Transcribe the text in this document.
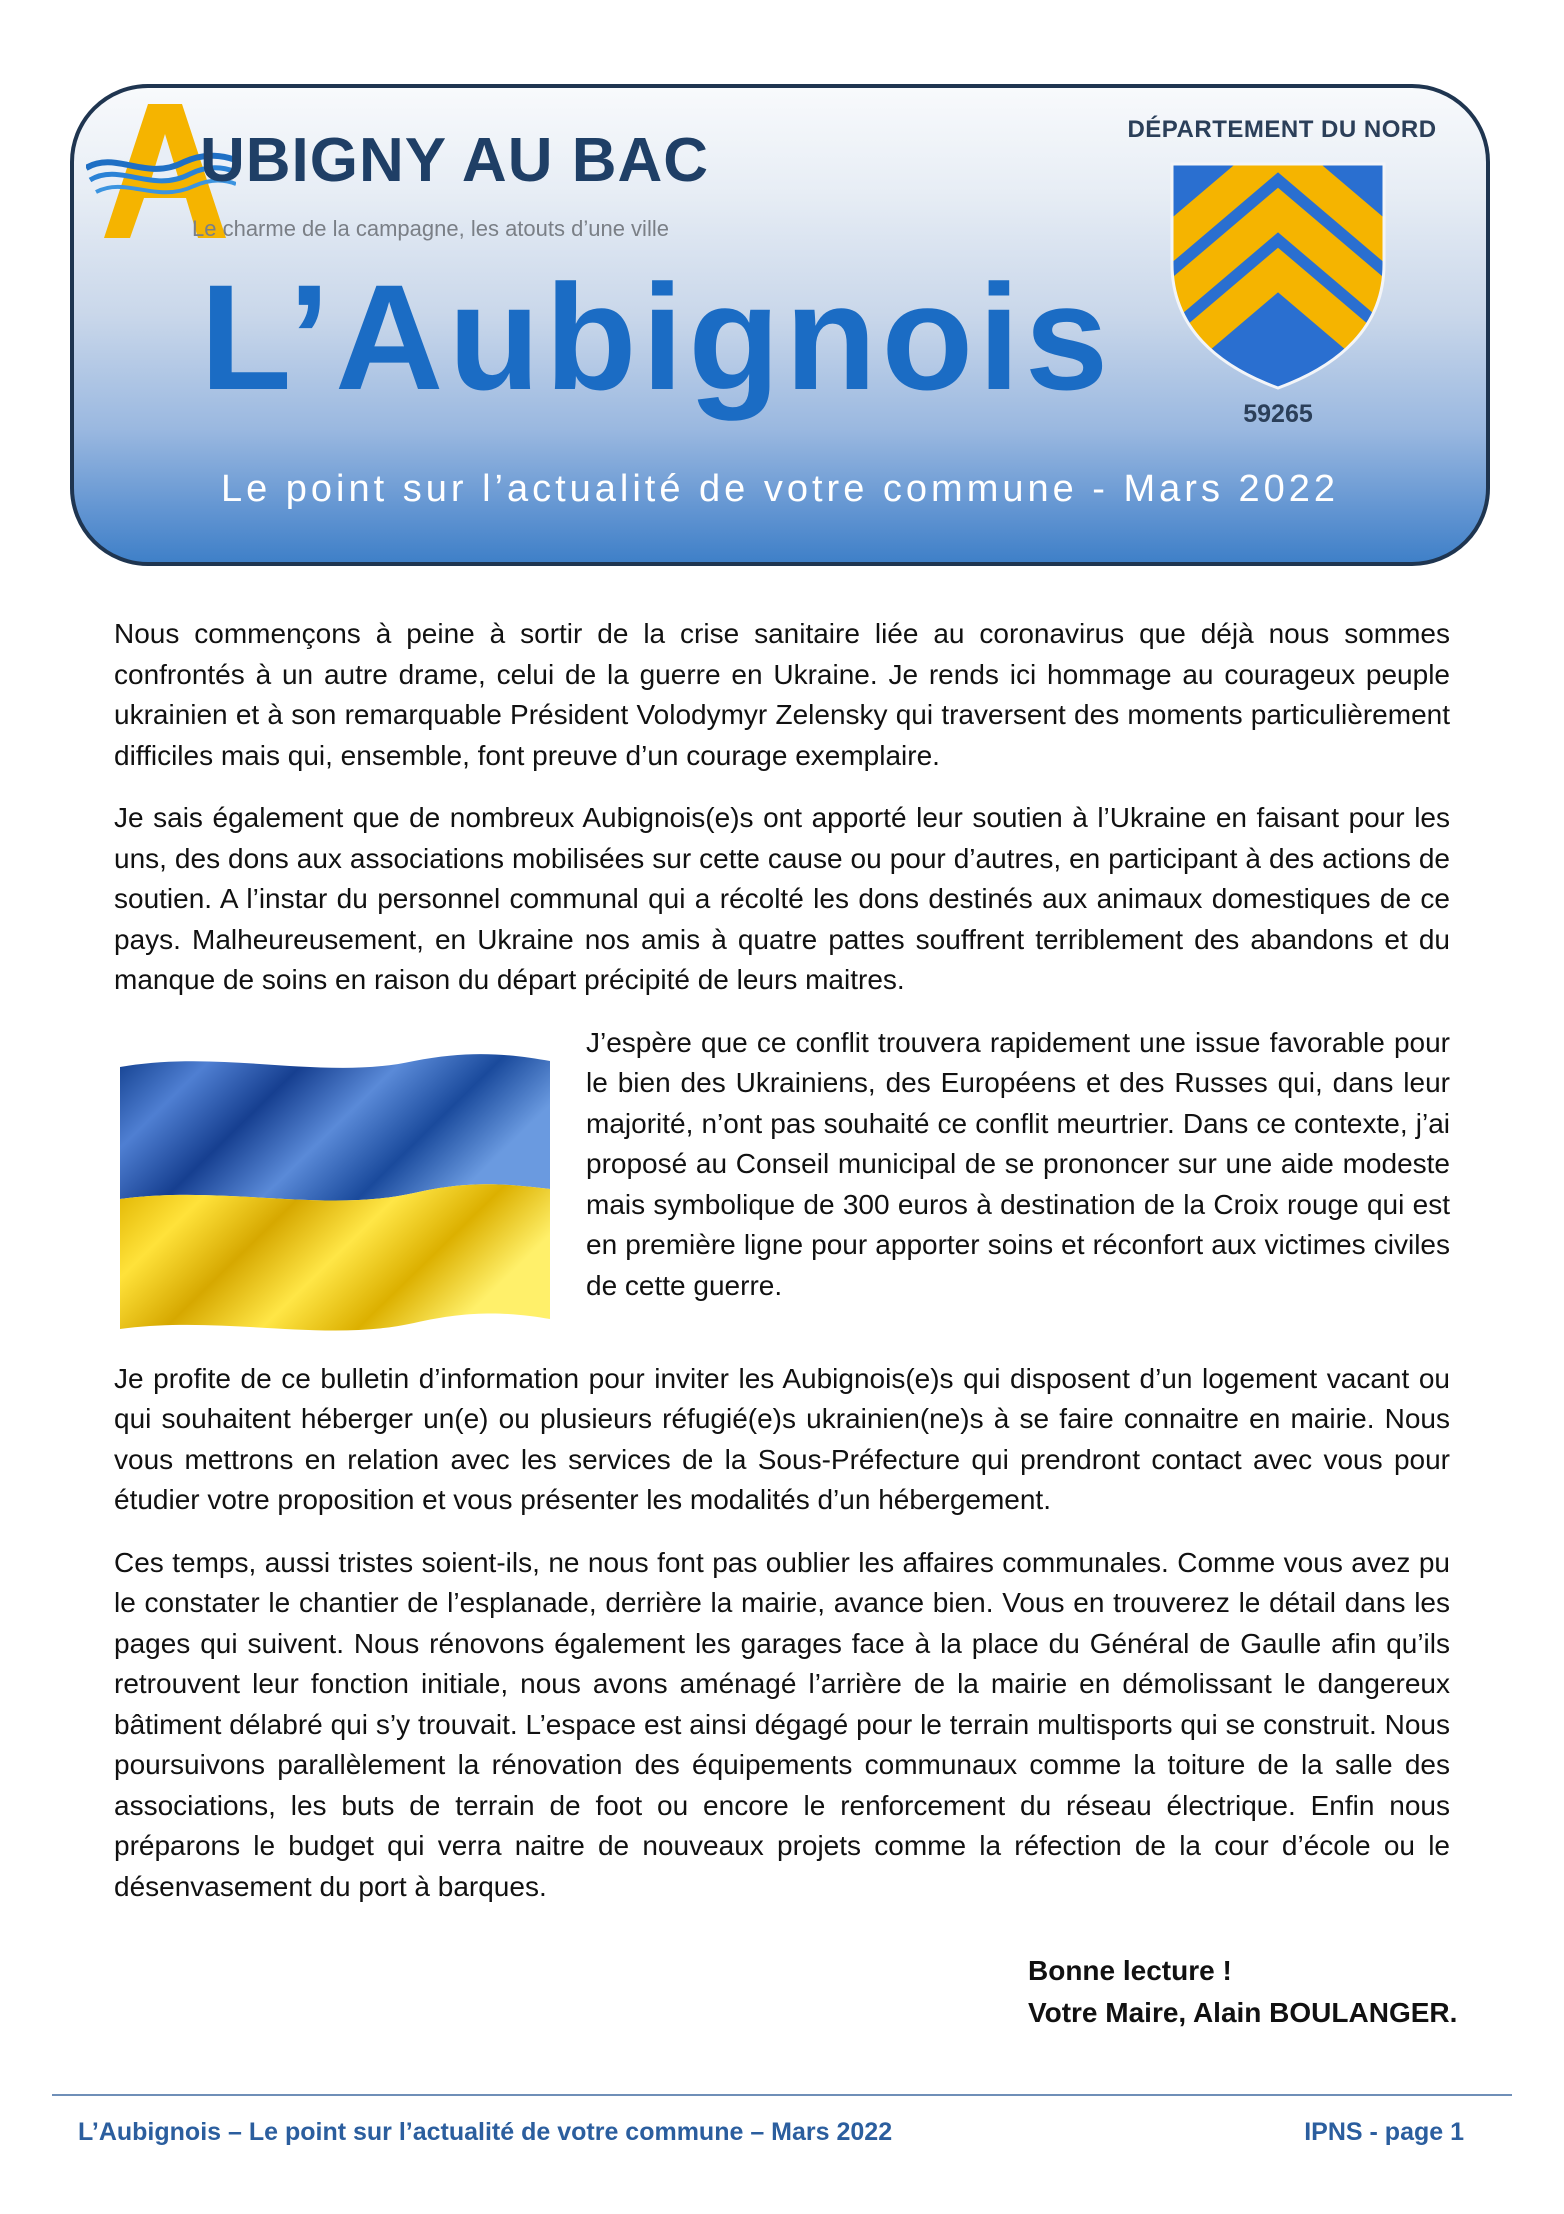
UBIGNY AU BAC
Le charme de la campagne, les atouts d’une ville
DÉPARTEMENT DU NORD
59265
L’Aubignois
Le point sur l’actualité de votre commune - Mars 2022

Nous commençons à peine à sortir de la crise sanitaire liée au coronavirus que déjà nous sommes confrontés à un autre drame, celui de la guerre en Ukraine. Je rends ici hommage au courageux peuple ukrainien et à son remarquable Président Volodymyr Zelensky qui traversent des moments particulièrement difficiles mais qui, ensemble, font preuve d’un courage exemplaire.

Je sais également que de nombreux Aubignois(e)s ont apporté leur soutien à l’Ukraine en faisant pour les uns, des dons aux associations mobilisées sur cette cause ou pour d’autres, en participant à des actions de soutien. A l’instar du personnel communal qui a récolté les dons destinés aux animaux domestiques de ce pays. Malheureusement, en Ukraine nos amis à quatre pattes souffrent terriblement des abandons et du manque de soins en raison du départ précipité de leurs maitres.

J’espère que ce conflit trouvera rapidement une issue favorable pour le bien des Ukrainiens, des Européens et des Russes qui, dans leur majorité, n’ont pas souhaité ce conflit meurtrier. Dans ce contexte, j’ai proposé au Conseil municipal de se prononcer sur une aide modeste mais symbolique de 300 euros à destination de la Croix rouge qui est en première ligne pour apporter soins et réconfort aux victimes civiles de cette guerre.

Je profite de ce bulletin d’information pour inviter les Aubignois(e)s qui disposent d’un logement vacant ou qui souhaitent héberger un(e) ou plusieurs réfugié(e)s ukrainien(ne)s à se faire connaitre en mairie. Nous vous mettrons en relation avec les services de la Sous-Préfecture qui prendront contact avec vous pour étudier votre proposition et vous présenter les modalités d’un hébergement.

Ces temps, aussi tristes soient-ils, ne nous font pas oublier les affaires communales. Comme vous avez pu le constater le chantier de l’esplanade, derrière la mairie, avance bien. Vous en trouverez le détail dans les pages qui suivent. Nous rénovons également les garages face à la place du Général de Gaulle afin qu’ils retrouvent leur fonction initiale, nous avons aménagé l’arrière de la mairie en démolissant le dangereux bâtiment délabré qui s’y trouvait. L’espace est ainsi dégagé pour le terrain multisports qui se construit. Nous poursuivons parallèlement la rénovation des équipements communaux comme la toiture de la salle des associations, les buts de terrain de foot ou encore le renforcement du réseau électrique. Enfin nous préparons le budget qui verra naitre de nouveaux projets comme la réfection de la cour d’école ou le désenvasement du port à barques.

Bonne lecture !
Votre Maire, Alain BOULANGER.
L’Aubignois – Le point sur l’actualité de votre commune – Mars 2022	IPNS - page 1
